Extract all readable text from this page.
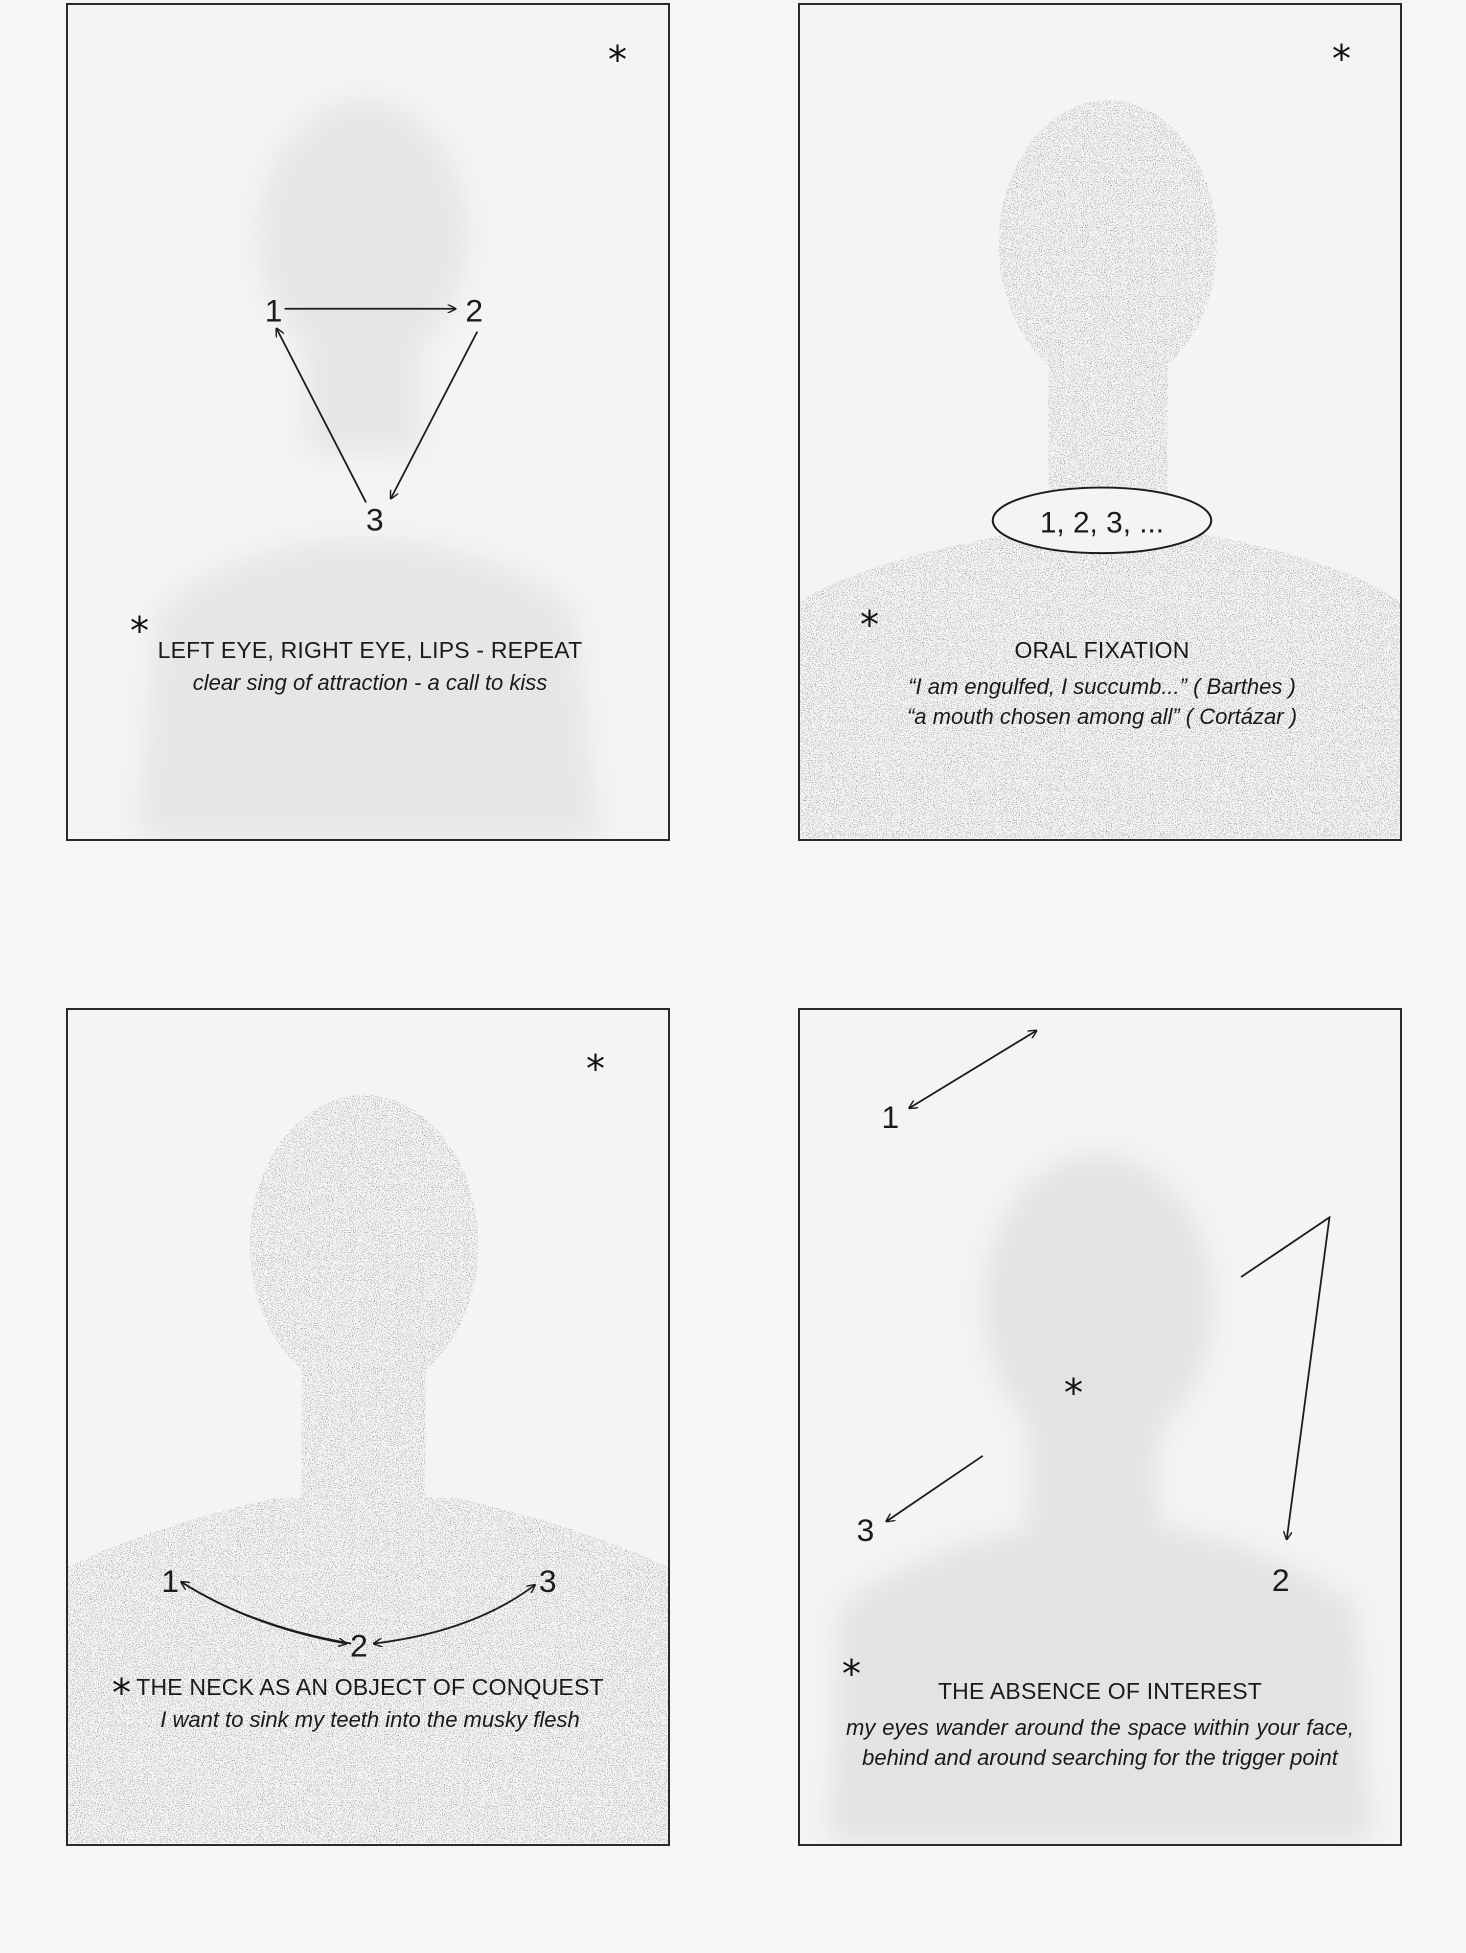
1	2
3
*
* LEFT EYE, RIGHT EYE, LIPS - REPEAT
clear sing of attraction - a call to kiss
1, 2, 3, ...
*
*
ORAL FIXATION
“I am engulfed, I succumb...” ( Barthes )
“a mouth chosen among all” ( Cortázar )
1
2
3
*
* THE NECK AS AN OBJECT OF CONQUEST
I want to sink my teeth into the musky flesh
1
2
3
*
*	THE ABSENCE OF INTEREST
my eyes wander around the space within your face, behind and around searching for the trigger point
